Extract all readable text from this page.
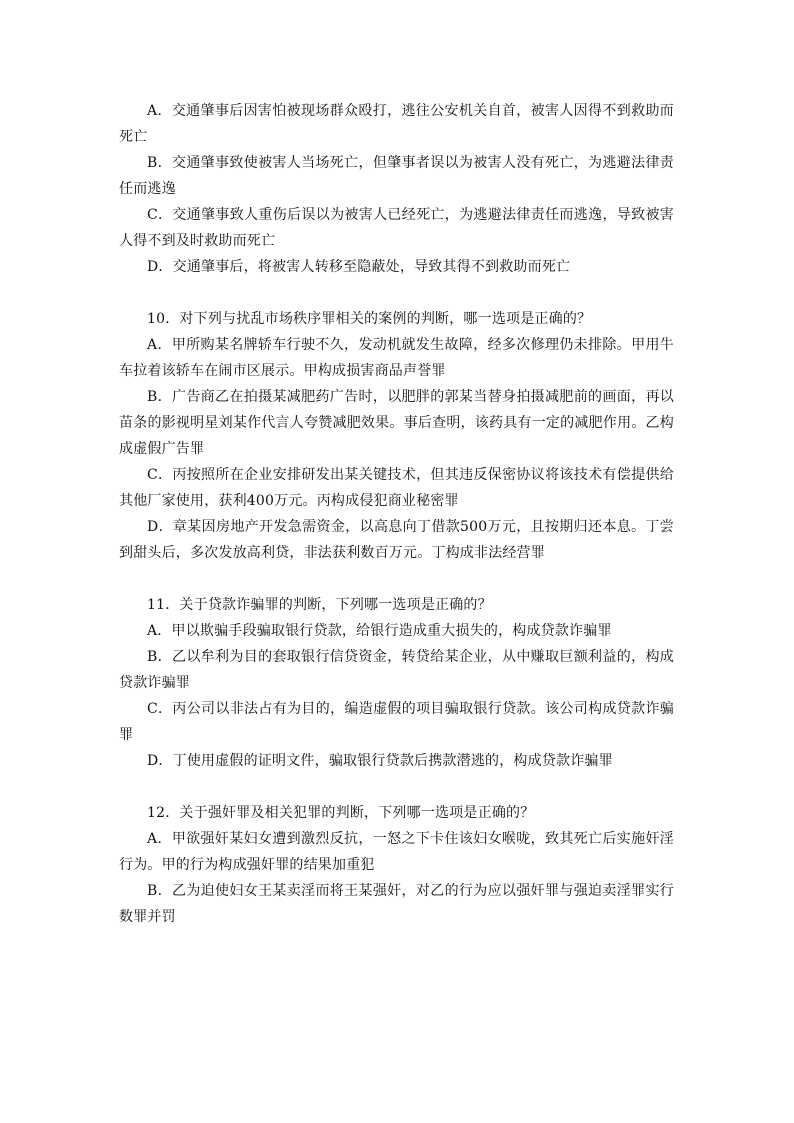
A．交通肇事后因害怕被现场群众殴打，逃往公安机关自首，被害人因得不到救助而死亡

B．交通肇事致使被害人当场死亡，但肇事者误以为被害人没有死亡，为逃避法律责任而逃逸

C．交通肇事致人重伤后误以为被害人已经死亡，为逃避法律责任而逃逸，导致被害人得不到及时救助而死亡

D．交通肇事后，将被害人转移至隐蔽处，导致其得不到救助而死亡

10．对下列与扰乱市场秩序罪相关的案例的判断，哪一选项是正确的？

A．甲所购某名牌轿车行驶不久，发动机就发生故障，经多次修理仍未排除。甲用牛车拉着该轿车在闹市区展示。甲构成损害商品声誉罪

B．广告商乙在拍摄某减肥药广告时，以肥胖的郭某当替身拍摄减肥前的画面，再以苗条的影视明星刘某作代言人夸赞减肥效果。事后查明，该药具有一定的减肥作用。乙构成虚假广告罪

C．丙按照所在企业安排研发出某关键技术，但其违反保密协议将该技术有偿提供给其他厂家使用，获利400万元。丙构成侵犯商业秘密罪

D．章某因房地产开发急需资金，以高息向丁借款500万元，且按期归还本息。丁尝到甜头后，多次发放高利贷，非法获利数百万元。丁构成非法经营罪

11．关于贷款诈骗罪的判断，下列哪一选项是正确的？

A．甲以欺骗手段骗取银行贷款，给银行造成重大损失的，构成贷款诈骗罪

B．乙以牟利为目的套取银行信贷资金，转贷给某企业，从中赚取巨额利益的，构成贷款诈骗罪

C．丙公司以非法占有为目的，编造虚假的项目骗取银行贷款。该公司构成贷款诈骗罪

D．丁使用虚假的证明文件，骗取银行贷款后携款潜逃的，构成贷款诈骗罪

12．关于强奸罪及相关犯罪的判断，下列哪一选项是正确的？

A．甲欲强奸某妇女遭到激烈反抗，一怒之下卡住该妇女喉咙，致其死亡后实施奸淫行为。甲的行为构成强奸罪的结果加重犯

B．乙为迫使妇女王某卖淫而将王某强奸，对乙的行为应以强奸罪与强迫卖淫罪实行数罪并罚
